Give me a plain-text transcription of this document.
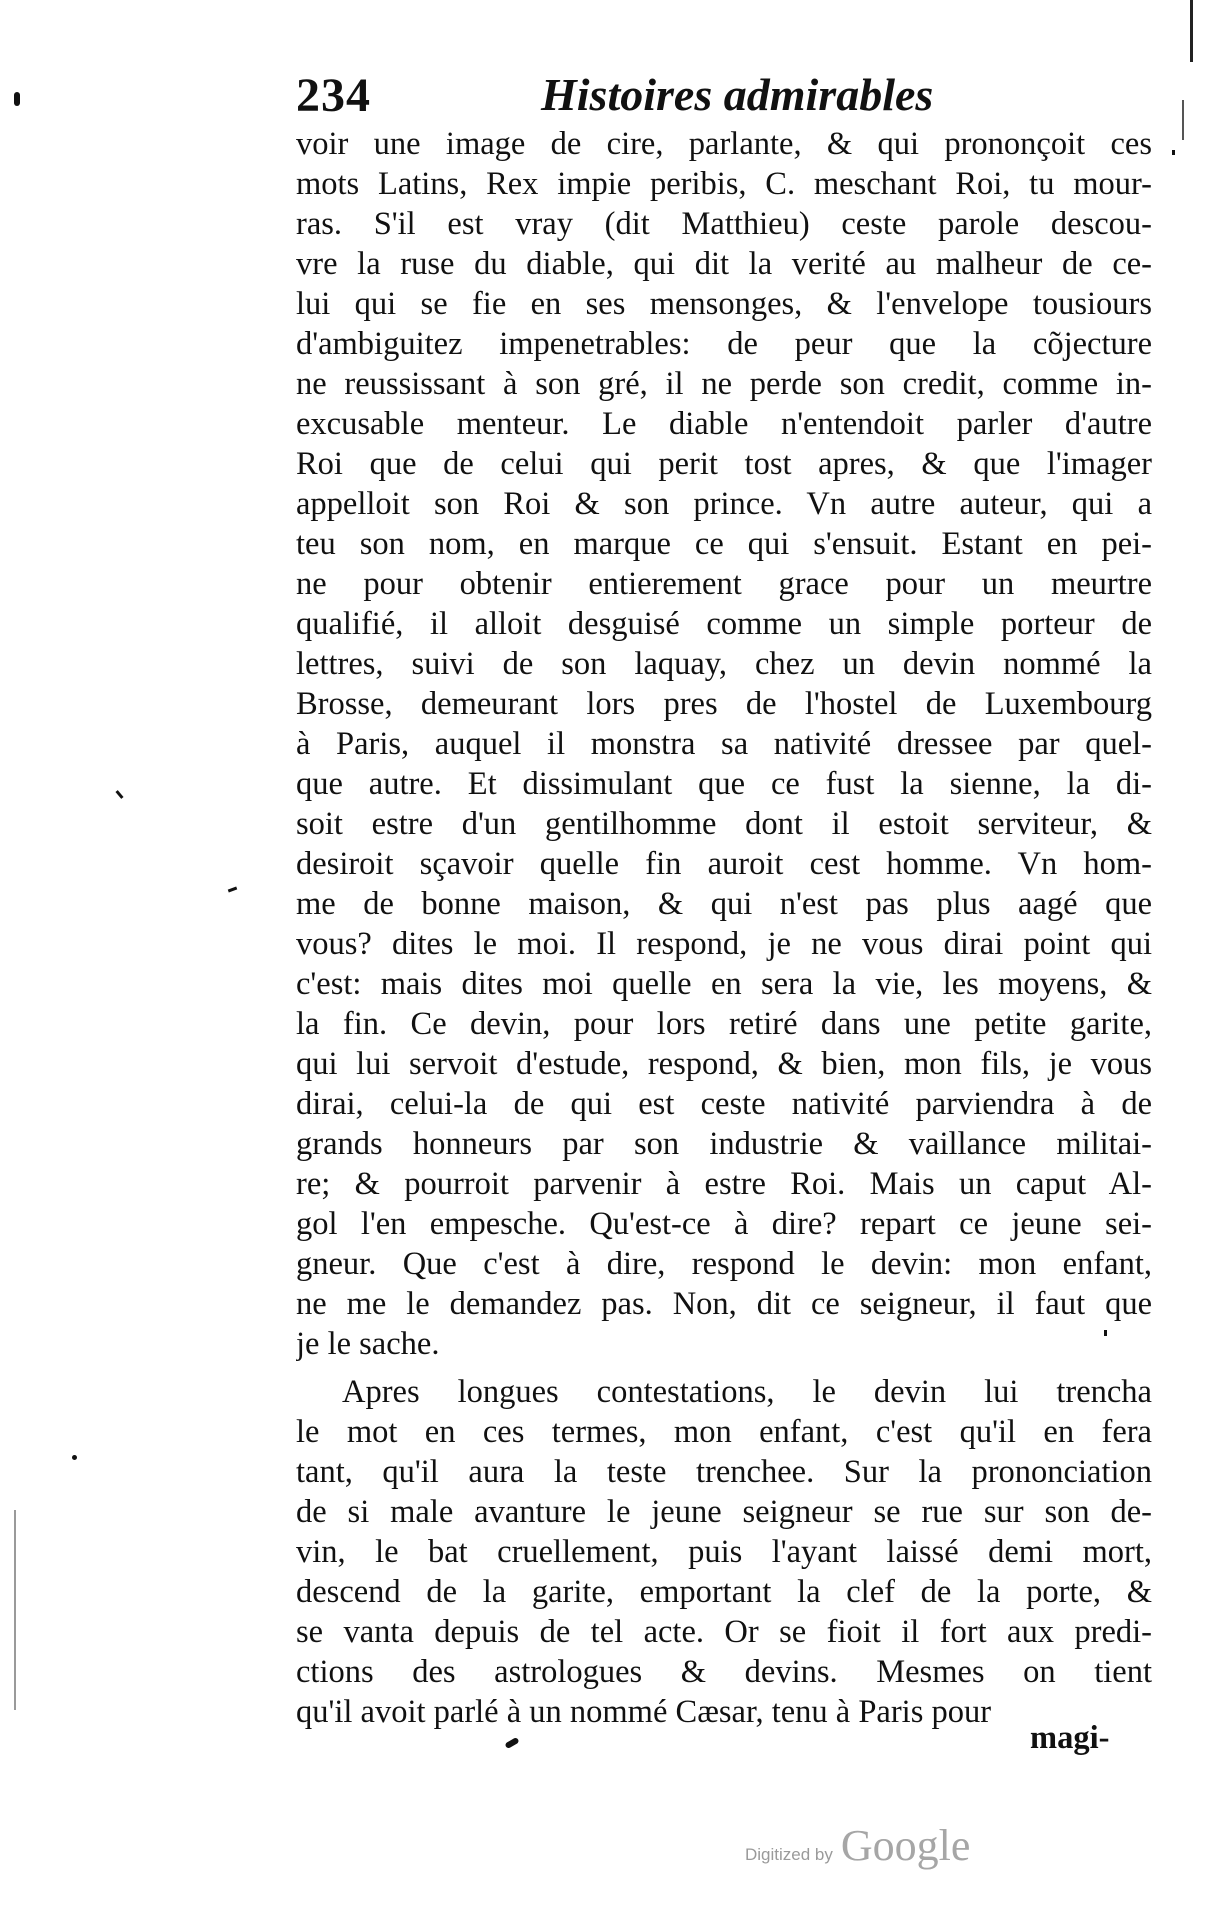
234	Histoires admirables
voir une image de cire, parlante, & qui prononçoit ces
mots Latins, Rex impie peribis, C. meschant Roi, tu mour-
ras. S'il est vray (dit Matthieu) ceste parole descou-
vre la ruse du diable, qui dit la verité au malheur de ce-
lui qui se fie en ses mensonges, & l'envelope tousiours
d'ambiguitez impenetrables: de peur que la cõjecture
ne reussissant à son gré, il ne perde son credit, comme in-
excusable menteur. Le diable n'entendoit parler d'autre
Roi que de celui qui perit tost apres, & que l'imager
appelloit son Roi & son prince. Vn autre auteur, qui a
teu son nom, en marque ce qui s'ensuit. Estant en pei-
ne pour obtenir entierement grace pour un meurtre
qualifié, il alloit desguisé comme un simple porteur de
lettres, suivi de son laquay, chez un devin nommé la
Brosse, demeurant lors pres de l'hostel de Luxembourg
à Paris, auquel il monstra sa nativité dressee par quel-
que autre. Et dissimulant que ce fust la sienne, la di-
soit estre d'un gentilhomme dont il estoit serviteur, &
desiroit sçavoir quelle fin auroit cest homme. Vn hom-
me de bonne maison, & qui n'est pas plus aagé que
vous? dites le moi. Il respond, je ne vous dirai point qui
c'est: mais dites moi quelle en sera la vie, les moyens, &
la fin. Ce devin, pour lors retiré dans une petite garite,
qui lui servoit d'estude, respond, & bien, mon fils, je vous
dirai, celui-la de qui est ceste nativité parviendra à de
grands honneurs par son industrie & vaillance militai-
re; & pourroit parvenir à estre Roi. Mais un caput Al-
gol l'en empesche. Qu'est-ce à dire? repart ce jeune sei-
gneur. Que c'est à dire, respond le devin: mon enfant,
ne me le demandez pas. Non, dit ce seigneur, il faut que
je le sache.
Apres longues contestations, le devin lui trencha
le mot en ces termes, mon enfant, c'est qu'il en fera
tant, qu'il aura la teste trenchee. Sur la prononciation
de si male avanture le jeune seigneur se rue sur son de-
vin, le bat cruellement, puis l'ayant laissé demi mort,
descend de la garite, emportant la clef de la porte, &
se vanta depuis de tel acte. Or se fioit il fort aux predi-
ctions des astrologues & devins. Mesmes on tient
qu'il avoit parlé à un nommé Cæsar, tenu à Paris pour
magi-
Digitized by Google
